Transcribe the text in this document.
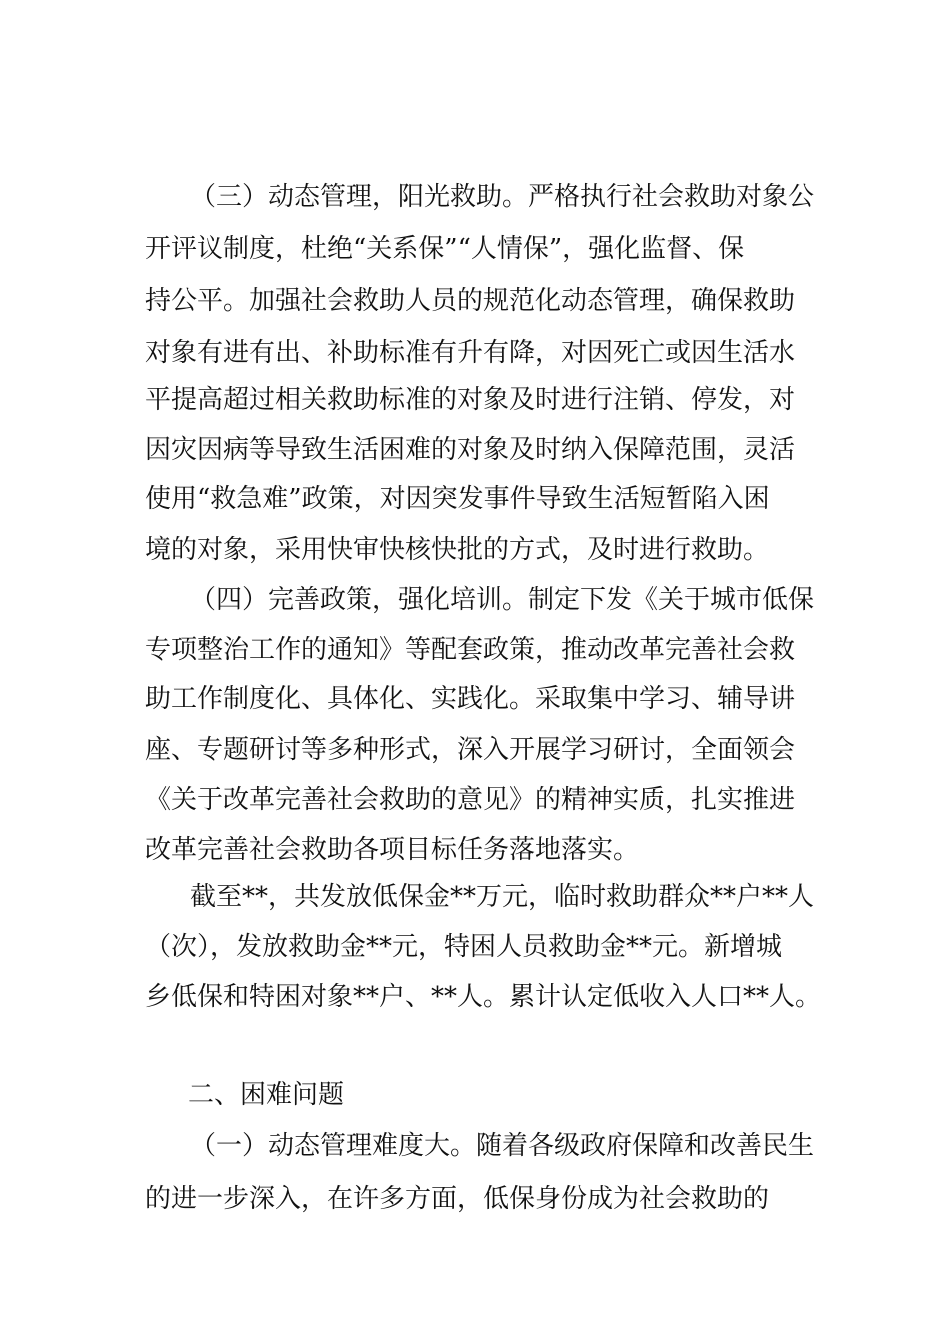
（三）动态管理，阳光救助。严格执行社会救助对象公

开评议制度，杜绝“关系保”“人情保”，强化监督、保

持公平。加强社会救助人员的规范化动态管理，确保救助

对象有进有出、补助标准有升有降，对因死亡或因生活水

平提高超过相关救助标准的对象及时进行注销、停发，对

因灾因病等导致生活困难的对象及时纳入保障范围，灵活

使用“救急难”政策，对因突发事件导致生活短暂陷入困

境的对象，采用快审快核快批的方式，及时进行救助。

（四）完善政策，强化培训。制定下发《关于城市低保

专项整治工作的通知》等配套政策，推动改革完善社会救

助工作制度化、具体化、实践化。采取集中学习、辅导讲

座、专题研讨等多种形式，深入开展学习研讨，全面领会

《关于改革完善社会救助的意见》的精神实质，扎实推进

改革完善社会救助各项目标任务落地落实。

截至**，共发放低保金**万元，临时救助群众**户**人

（次），发放救助金**元，特困人员救助金**元。新增城

乡低保和特困对象**户、**人。累计认定低收入人口**人。

二、困难问题

（一）动态管理难度大。随着各级政府保障和改善民生

的进一步深入，在许多方面，低保身份成为社会救助的
